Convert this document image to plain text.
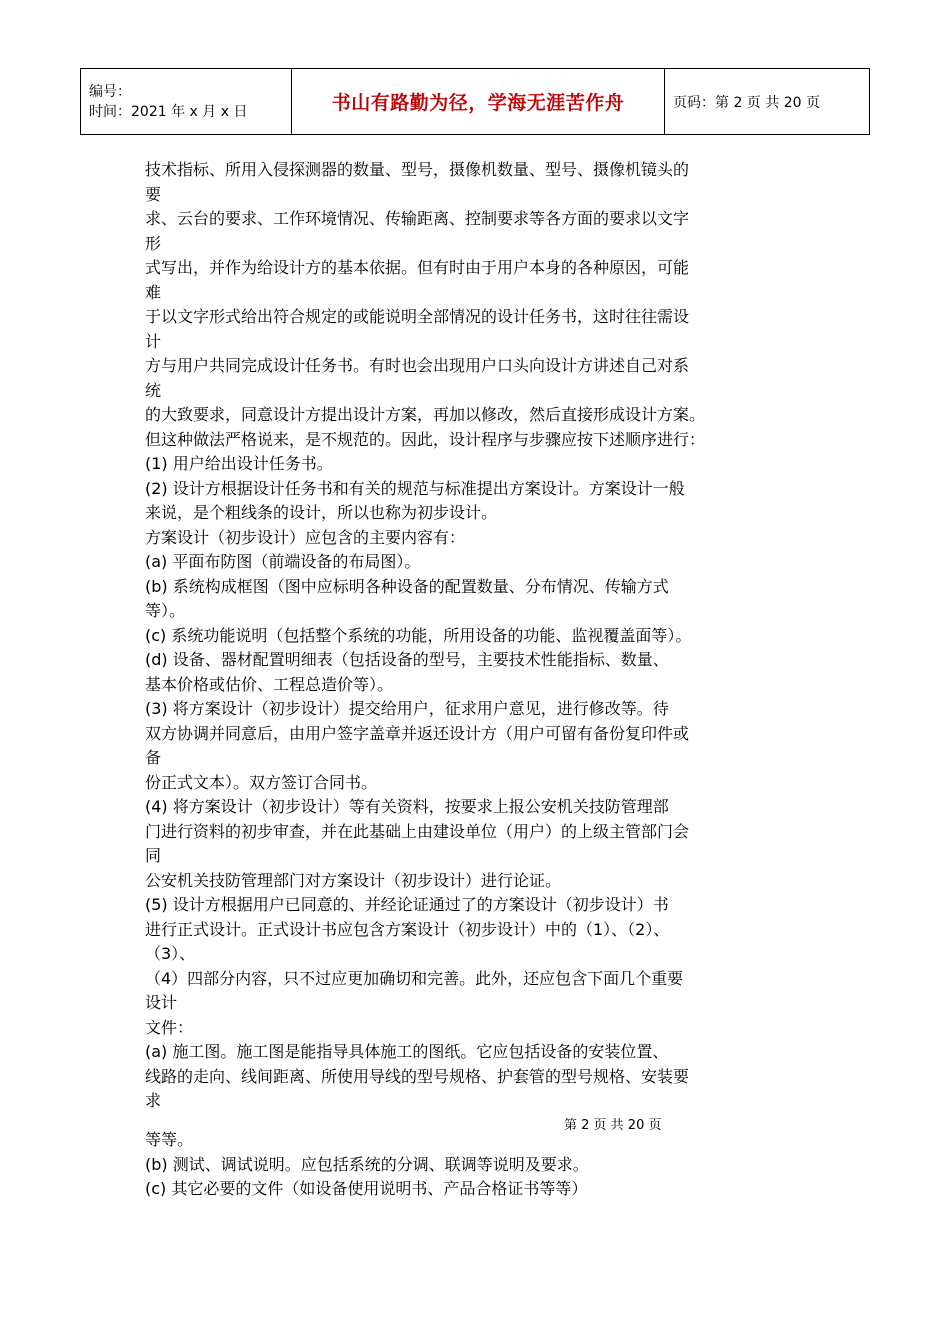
编号：
时间：2021 年 x 月 x 日	书山有路勤为径，学海无涯苦作舟	页码：第 2 页 共 20 页
技术指标、所用入侵探测器的数量、型号，摄像机数量、型号、摄像机镜头的
要
求、云台的要求、工作环境情况、传输距离、控制要求等各方面的要求以文字
形
式写出，并作为给设计方的基本依据。但有时由于用户本身的各种原因，可能
难
于以文字形式给出符合规定的或能说明全部情况的设计任务书，这时往往需设
计
方与用户共同完成设计任务书。有时也会出现用户口头向设计方讲述自己对系
统
的大致要求，同意设计方提出设计方案，再加以修改，然后直接形成设计方案。
但这种做法严格说来，是不规范的。因此，设计程序与步骤应按下述顺序进行：
(1) 用户给出设计任务书。
(2) 设计方根据设计任务书和有关的规范与标准提出方案设计。方案设计一般
来说，是个粗线条的设计，所以也称为初步设计。
方案设计（初步设计）应包含的主要内容有：
(a) 平面布防图（前端设备的布局图）。
(b) 系统构成框图（图中应标明各种设备的配置数量、分布情况、传输方式
等）。
(c) 系统功能说明（包括整个系统的功能，所用设备的功能、监视覆盖面等）。
(d) 设备、器材配置明细表（包括设备的型号，主要技术性能指标、数量、
基本价格或估价、工程总造价等）。
(3) 将方案设计（初步设计）提交给用户，征求用户意见，进行修改等。待
双方协调并同意后，由用户签字盖章并返还设计方（用户可留有备份复印件或
备
份正式文本）。双方签订合同书。
(4) 将方案设计（初步设计）等有关资料，按要求上报公安机关技防管理部
门进行资料的初步审查，并在此基础上由建设单位（用户）的上级主管部门会
同
公安机关技防管理部门对方案设计（初步设计）进行论证。
(5) 设计方根据用户已同意的、并经论证通过了的方案设计（初步设计）书
进行正式设计。正式设计书应包含方案设计（初步设计）中的（1）、（2）、
（3）、
（4）四部分内容，只不过应更加确切和完善。此外，还应包含下面几个重要
设计
文件：
(a) 施工图。施工图是能指导具体施工的图纸。它应包括设备的安装位置、
线路的走向、线间距离、所使用导线的型号规格、护套管的型号规格、安装要
求
第 2 页 共 20 页
等等。
(b) 测试、调试说明。应包括系统的分调、联调等说明及要求。
(c) 其它必要的文件（如设备使用说明书、产品合格证书等等）
